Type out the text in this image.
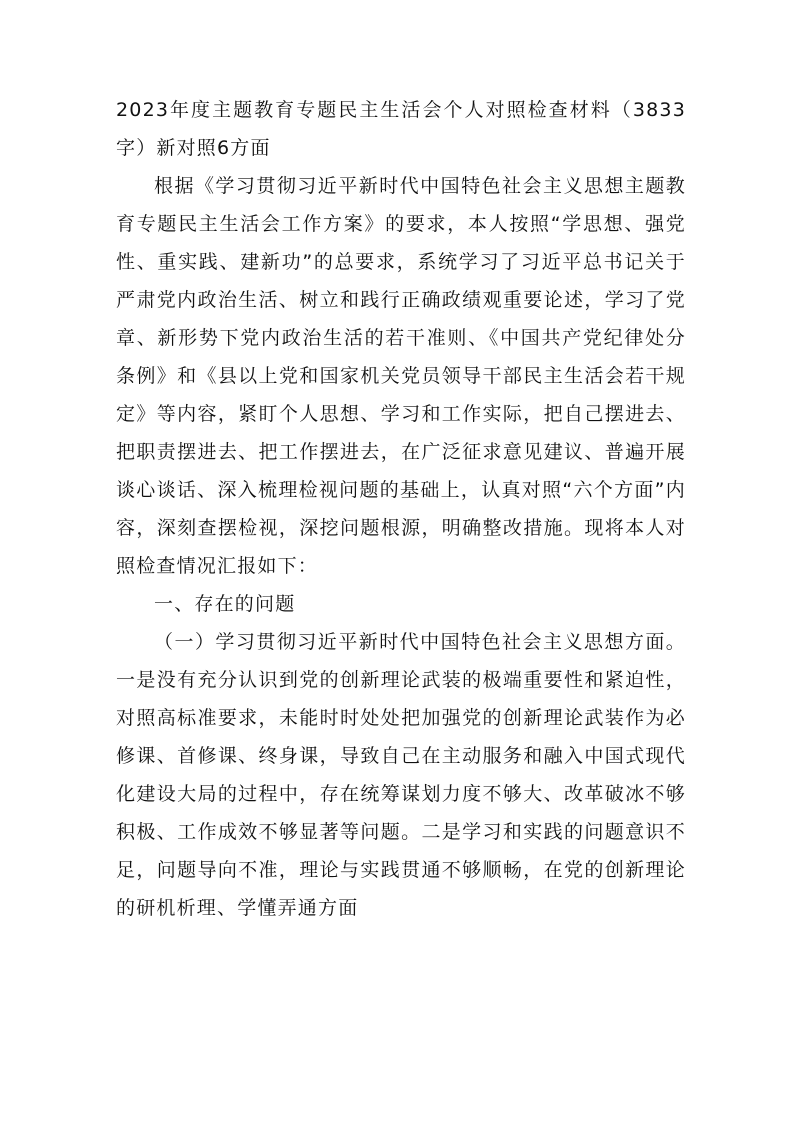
2023年度主题教育专题民主生活会个人对照检查材料（3833字）新对照6方面

根据《学习贯彻习近平新时代中国特色社会主义思想主题教育专题民主生活会工作方案》的要求，本人按照“学思想、强党性、重实践、建新功”的总要求，系统学习了习近平总书记关于严肃党内政治生活、树立和践行正确政绩观重要论述，学习了党章、新形势下党内政治生活的若干准则、《中国共产党纪律处分条例》和《县以上党和国家机关党员领导干部民主生活会若干规定》等内容，紧盯个人思想、学习和工作实际，把自己摆进去、把职责摆进去、把工作摆进去，在广泛征求意见建议、普遍开展谈心谈话、深入梳理检视问题的基础上，认真对照“六个方面”内容，深刻查摆检视，深挖问题根源，明确整改措施。现将本人对照检查情况汇报如下：

一、存在的问题

（一）学习贯彻习近平新时代中国特色社会主义思想方面。一是没有充分认识到党的创新理论武装的极端重要性和紧迫性，对照高标准要求，未能时时处处把加强党的创新理论武装作为必修课、首修课、终身课，导致自己在主动服务和融入中国式现代化建设大局的过程中，存在统筹谋划力度不够大、改革破冰不够积极、工作成效不够显著等问题。二是学习和实践的问题意识不足，问题导向不准，理论与实践贯通不够顺畅，在党的创新理论的研机析理、学懂弄通方面
